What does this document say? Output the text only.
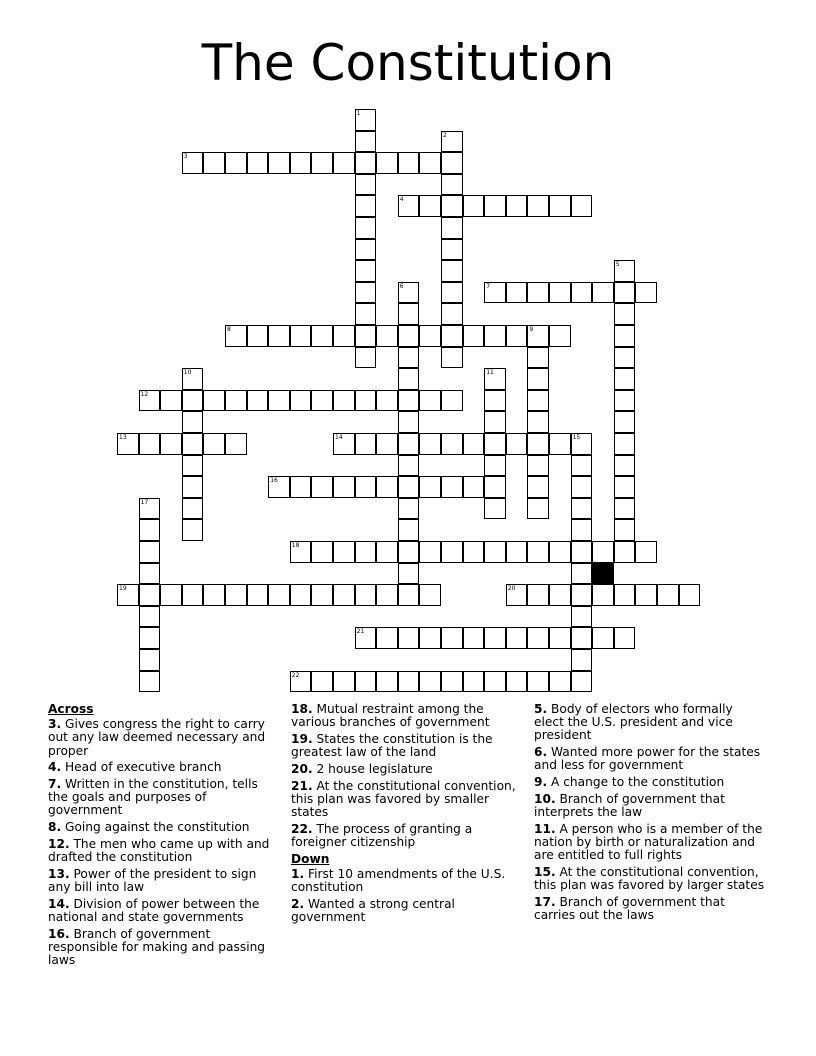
The Constitution
3
4
7
8
12
13	14
16
18
19	20
21
22
1
2
5
6
9
10	11
15
17
Across
3. Gives congress the right to carry out any law deemed necessary and proper
4. Head of executive branch
7. Written in the constitution, tells the goals and purposes of government
8. Going against the constitution
12. The men who came up with and drafted the constitution
13. Power of the president to sign any bill into law
14. Division of power between the national and state governments
16. Branch of government responsible for making and passing laws
18. Mutual restraint among the various branches of government
19. States the constitution is the greatest law of the land
20. 2 house legislature
21. At the constitutional convention, this plan was favored by smaller states
22. The process of granting a foreigner citizenship
Down
1. First 10 amendments of the U.S. constitution
2. Wanted a strong central government
5. Body of electors who formally elect the U.S. president and vice president
6. Wanted more power for the states and less for government
9. A change to the constitution
10. Branch of government that interprets the law
11. A person who is a member of the nation by birth or naturalization and are entitled to full rights
15. At the constitutional convention, this plan was favored by larger states
17. Branch of government that carries out the laws
